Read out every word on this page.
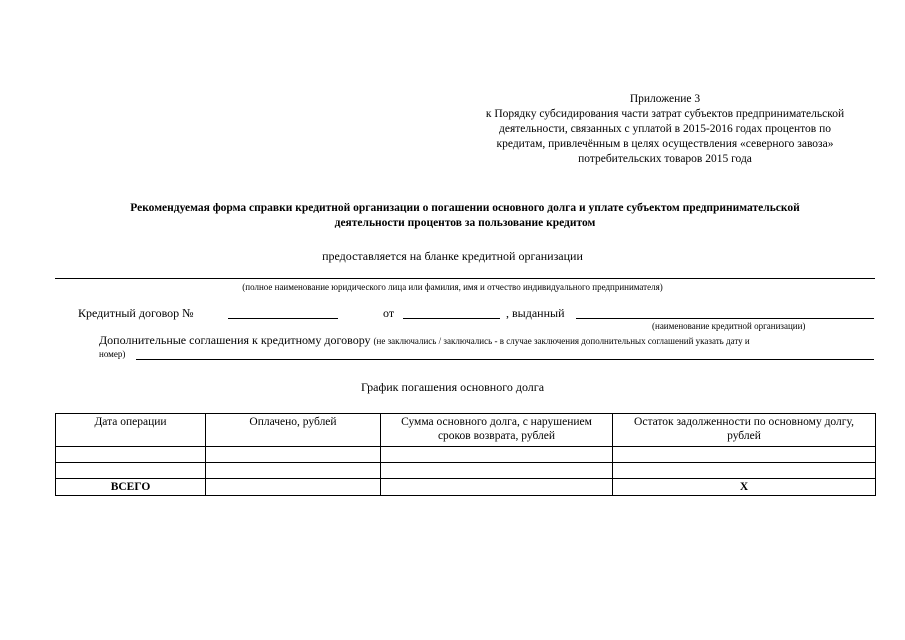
Приложение 3
к Порядку субсидирования части затрат субъектов предпринимательской
деятельности, связанных с уплатой в 2015-2016 годах процентов по
кредитам, привлечённым в целях осуществления «северного завоза»
потребительских товаров 2015 года
Рекомендуемая форма справки кредитной организации о погашении основного долга и уплате субъектом предпринимательской
деятельности процентов за пользование кредитом
предоставляется на бланке кредитной организации
(полное наименование юридического лица или фамилия, имя и отчество индивидуального предпринимателя)
Кредитный договор №	от	, выданный
(наименование кредитной организации)
Дополнительные соглашения к кредитному договору (не заключались / заключались - в случае заключения дополнительных соглашений указать дату и
номер)
График погашения основного долга
Дата операции	Оплачено, рублей	Сумма основного долга, с нарушением сроков возврата, рублей	Остаток задолженности по основному долгу, рублей

ВСЕГО			Х
